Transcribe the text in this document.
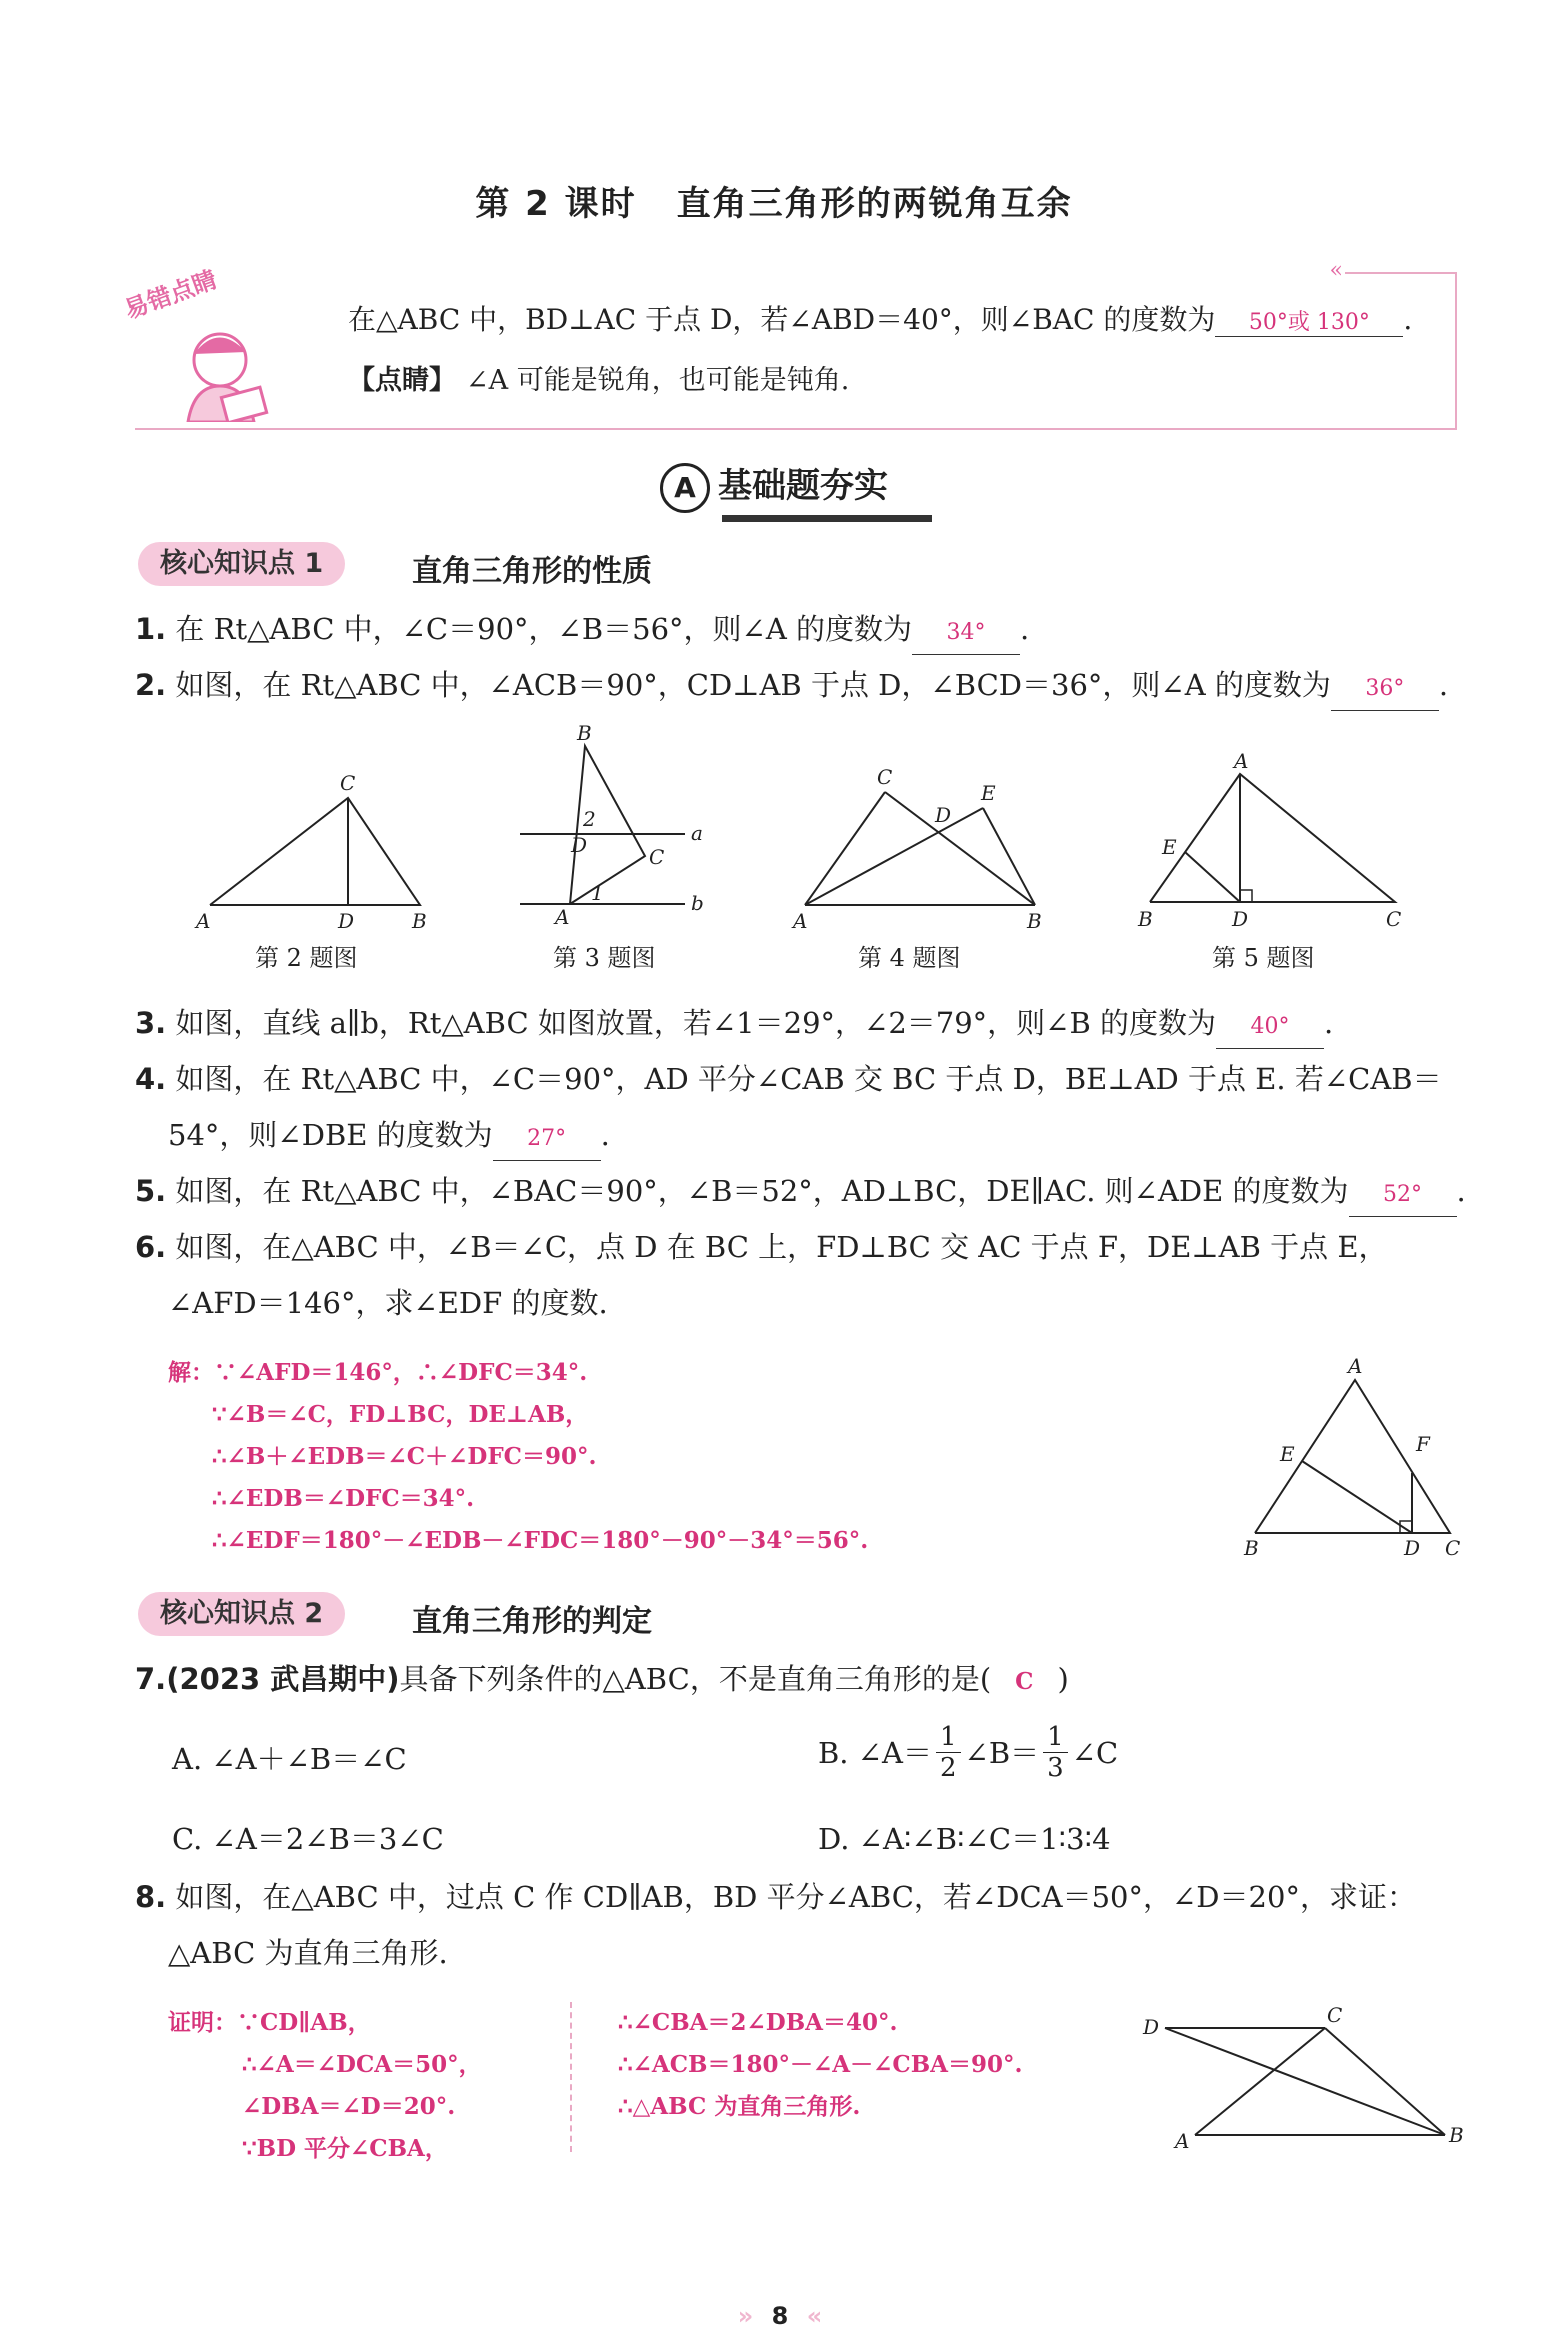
第 2 课时 直角三角形的两锐角互余
«
易错点睛	在△ABC 中，BD⊥AC 于点 D，若∠ABD＝40°，则∠BAC 的度数为 50°或 130° .
【点睛】 ∠A 可能是锐角，也可能是钝角.
A 基础题夯实
核心知识点 1	直角三角形的性质
1. 在 Rt△ABC 中，∠C＝90°，∠B＝56°，则∠A 的度数为 34° .
2. 如图，在 Rt△ABC 中，∠ACB＝90°，CD⊥AB 于点 D，∠BCD＝36°，则∠A 的度数为 36° .
A	B
C
D
第 2 题图
B
A
C
D	a
b
1
2
第 3 题图
A	B
C
D
E
第 4 题图
B	C
A
D
E
第 5 题图
3. 如图，直线 a∥b，Rt△ABC 如图放置，若∠1＝29°，∠2＝79°，则∠B 的度数为 40° .
4. 如图，在 Rt△ABC 中，∠C＝90°，AD 平分∠CAB 交 BC 于点 D，BE⊥AD 于点 E. 若∠CAB＝
54°，则∠DBE 的度数为 27° .
5. 如图，在 Rt△ABC 中，∠BAC＝90°，∠B＝52°，AD⊥BC，DE∥AC. 则∠ADE 的度数为 52° .
6. 如图，在△ABC 中，∠B＝∠C，点 D 在 BC 上，FD⊥BC 交 AC 于点 F，DE⊥AB 于点 E，
∠AFD＝146°，求∠EDF 的度数.
解：∵∠AFD＝146°，∴∠DFC＝34°.
∵∠B＝∠C，FD⊥BC，DE⊥AB，
∴∠B＋∠EDB＝∠C＋∠DFC＝90°.
∴∠EDB＝∠DFC＝34°.
∴∠EDF＝180°－∠EDB－∠FDC＝180°－90°－34°＝56°.
A
B	C
D
E	F
核心知识点 2	直角三角形的判定
7.(2023 武昌期中)具备下列条件的△ABC，不是直角三角形的是( C )
A. ∠A＋∠B＝∠C	B. ∠A＝ 1
2 ∠B＝ 1
3 ∠C
C. ∠A＝2∠B＝3∠C	D. ∠A∶∠B∶∠C＝1∶3∶4
8. 如图，在△ABC 中，过点 C 作 CD∥AB，BD 平分∠ABC，若∠DCA＝50°，∠D＝20°，求证：
△ABC 为直角三角形.
证明：∵CD∥AB，
∴∠A＝∠DCA＝50°，
∠DBA＝∠D＝20°.
∵BD 平分∠CBA，
∴∠CBA＝2∠DBA＝40°.
∴∠ACB＝180°－∠A－∠CBA＝90°.
∴△ABC 为直角三角形.
D	C
A	B
» 8 «
